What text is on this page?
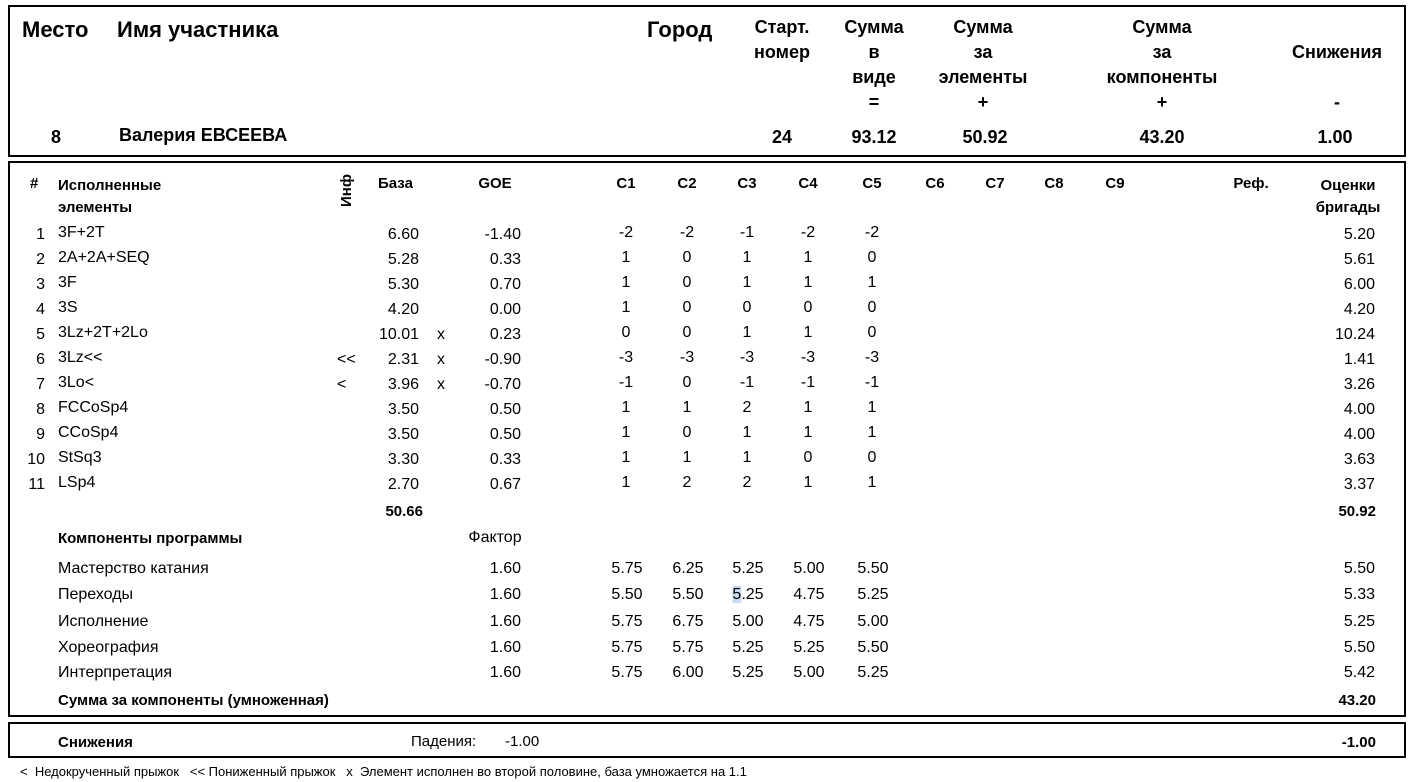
Место Имя участника	Город Старт.
номер
Сумма
в
виде
=
Сумма
за
элементы
+
Сумма
за
компоненты
+
Снижения
-
8	Валерия ЕВСЕЕВА	24	93.12	50.92	43.20	1.00
# Исполненные
элементы
Инф База	GOE	C1	C2	C3	C4	C5	C6	C7	C8	C9	Реф.	Оценки
бригады
1 3F+2T	6.60	-1.40	-2	-2	-1	-2	-2	5.20
2 2A+2A+SEQ	5.28	0.33	1	0	1	1	0	5.61
3 3F	5.30	0.70	1	0	1	1	1	6.00
4 3S	4.20	0.00	1	0	0	0	0	4.20
5 3Lz+2T+2Lo	10.01 x	0.23	0	0	1	1	0	10.24
6 3Lz<<	<< 2.31 x -0.90	-3	-3	-3	-3	-3	1.41
7 3Lo<	<	3.96 x -0.70	-1	0	-1	-1	-1	3.26
8 FCCoSp4	3.50	0.50	1	1	2	1	1	4.00
9 CCoSp4	3.50	0.50	1	0	1	1	1	4.00
10 StSq3	3.30	0.33	1	1	1	0	0	3.63
11 LSp4	2.70	0.67	1	2	2	1	1	3.37
50.66	50.92
Компоненты программы	Фактор
Мастерство катания	1.60	5.75 6.25 5.25 5.00 5.50	5.50
Переходы	1.60	5.50 5.50 5.25 4.75 5.25	5.33
Исполнение	1.60	5.75 6.75 5.00 4.75 5.00	5.25
Хореография	1.60	5.75 5.75 5.25 5.25 5.50	5.50
Интерпретация	1.60	5.75 6.00 5.25 5.00 5.25	5.42
Сумма за компоненты (умноженная)	43.20
Снижения	Падения: -1.00	-1.00
<  Недокрученный прыжок   << Пониженный прыжок   x  Элемент исполнен во второй половине, база умножается на 1.1
